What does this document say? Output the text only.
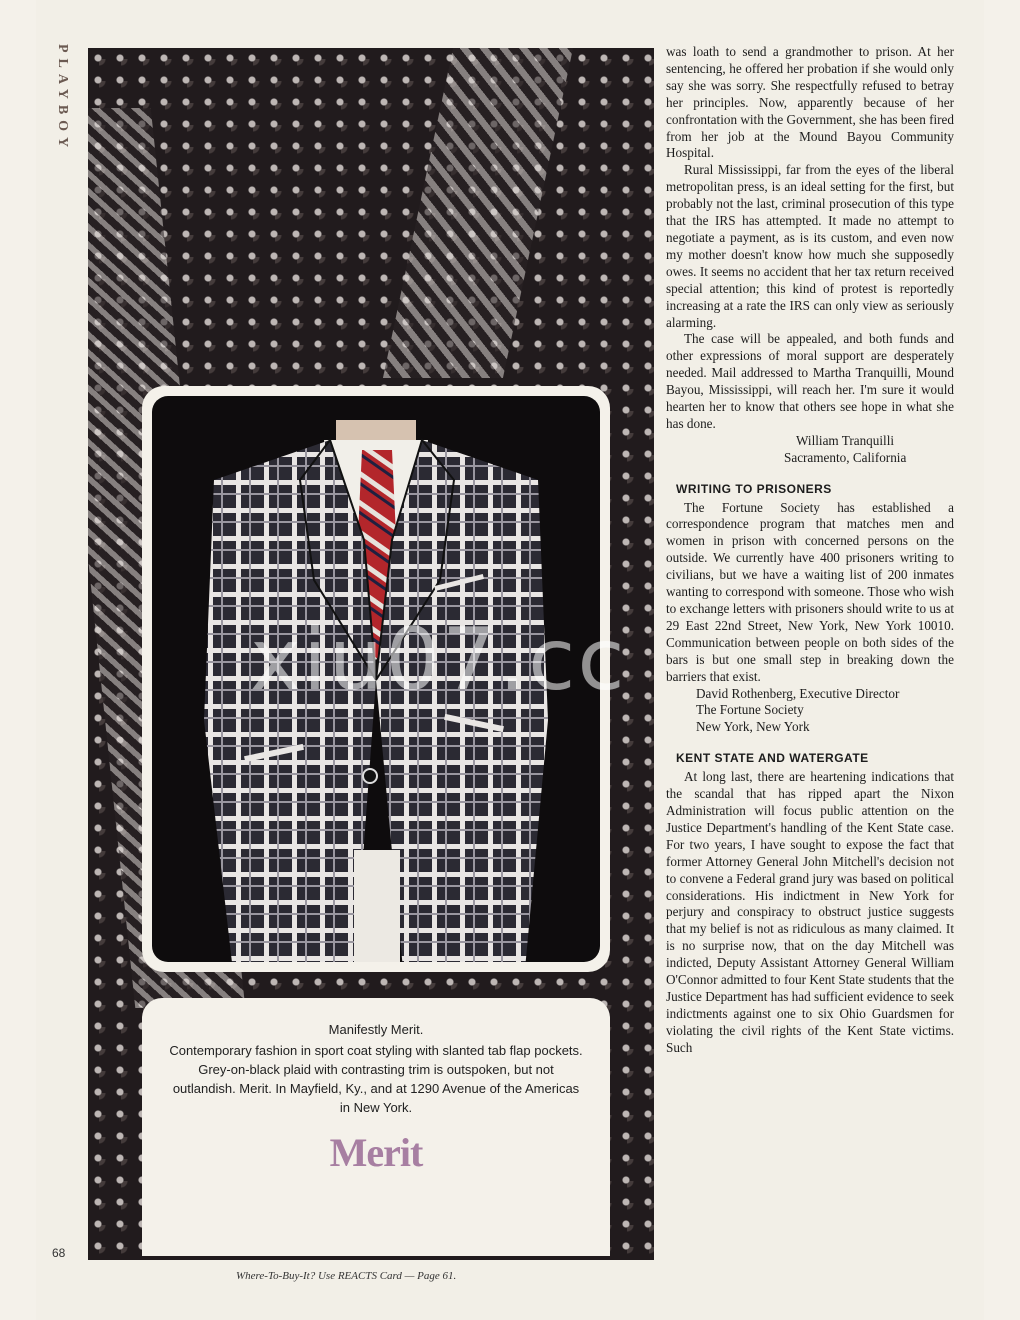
PLAYBOY
Manifestly Merit.
Contemporary fashion in sport coat styling with slanted tab flap pockets. Grey-on-black plaid with contrasting trim is outspoken, but not outlandish. Merit. In Mayfield, Ky., and at 1290 Avenue of the Americas in New York.
Merit
68
Where-To-Buy-It? Use REACTS Card — Page 61.

was loath to send a grandmother to prison. At her sentencing, he offered her probation if she would only say she was sorry. She respectfully refused to betray her principles. Now, apparently because of her confrontation with the Government, she has been fired from her job at the Mound Bayou Community Hospital.

Rural Mississippi, far from the eyes of the liberal metropolitan press, is an ideal setting for the first, but probably not the last, criminal prosecution of this type that the IRS has attempted. It made no attempt to negotiate a payment, as is its custom, and even now my mother doesn't know how much she supposedly owes. It seems no accident that her tax return received special attention; this kind of protest is reportedly increasing at a rate the IRS can only view as seriously alarming.

The case will be appealed, and both funds and other expressions of moral support are desperately needed. Mail addressed to Martha Tranquilli, Mound Bayou, Mississippi, will reach her. I'm sure it would hearten her to know that others see hope in what she has done.

William Tranquilli

Sacramento, California

WRITING TO PRISONERS

The Fortune Society has established a correspondence program that matches men and women in prison with concerned persons on the outside. We currently have 400 prisoners writing to civilians, but we have a waiting list of 200 inmates wanting to correspond with someone. Those who wish to exchange letters with prisoners should write to us at 29 East 22nd Street, New York, New York 10010. Communication between people on both sides of the bars is but one small step in breaking down the barriers that exist.

David Rothenberg, Executive Director

The Fortune Society

New York, New York

KENT STATE AND WATERGATE

At long last, there are heartening indications that the scandal that has ripped apart the Nixon Administration will focus public attention on the Justice Department's handling of the Kent State case. For two years, I have sought to expose the fact that former Attorney General John Mitchell's decision not to convene a Federal grand jury was based on political considerations. His indictment in New York for perjury and conspiracy to obstruct justice suggests that my belief is not as ridiculous as many claimed. It is no surprise now, that on the day Mitchell was indicted, Deputy Assistant Attorney General William O'Connor admitted to four Kent State students that the Justice Department has had sufficient evidence to seek indictments against one to six Ohio Guardsmen for violating the civil rights of the Kent State victims. Such

xiu07.cc
